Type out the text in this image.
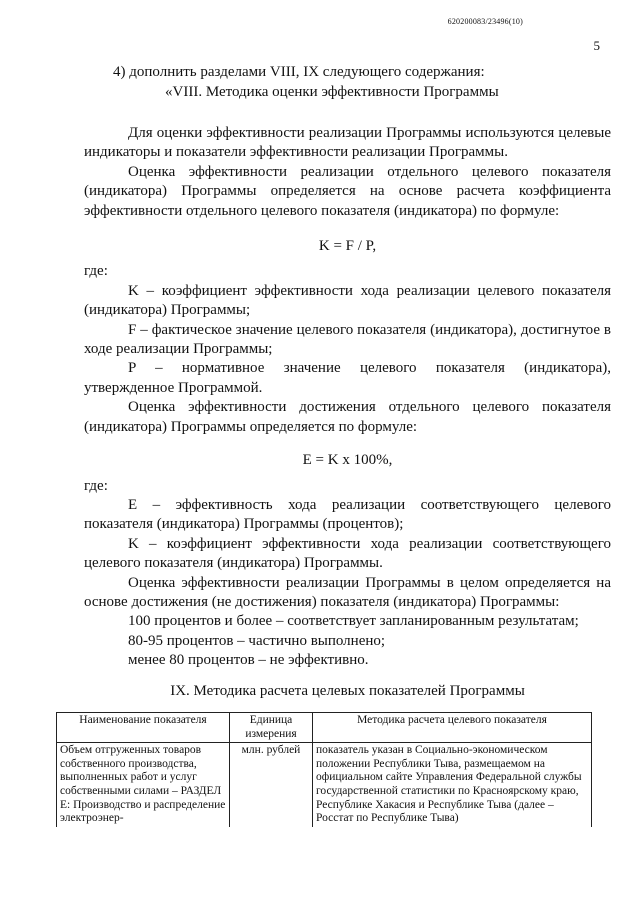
620200083/23496(10)
5
4) дополнить разделами VIII, IX следующего содержания:
«VIII. Методика оценки эффективности Программы

Для оценки эффективности реализации Программы используются целевые индикаторы и показатели эффективности реализации Программы.

Оценка эффективности реализации отдельного целевого показателя (индикатора) Программы определяется на основе расчета коэффициента эффективности отдельного целевого показателя (индикатора) по формуле:

K = F / P,

где:

K – коэффициент эффективности хода реализации целевого показателя (индикатора) Программы;

F – фактическое значение целевого показателя (индикатора), достигнутое в ходе реализации Программы;

P – нормативное значение целевого показателя (индикатора), утвержденное Программой.

Оценка эффективности достижения отдельного целевого показателя (индикатора) Программы определяется по формуле:

E = K x 100%,

где:

E – эффективность хода реализации соответствующего целевого показателя (индикатора) Программы (процентов);

K – коэффициент эффективности хода реализации соответствующего целевого показателя (индикатора) Программы.

Оценка эффективности реализации Программы в целом определяется на основе достижения (не достижения) показателя (индикатора) Программы:

100 процентов и более – соответствует запланированным результатам;

80-95 процентов – частично выполнено;

менее 80 процентов – не эффективно.

IX. Методика расчета целевых показателей Программы
Наименование показателя	Единица измерения	Методика расчета целевого показателя
Объем отгруженных товаров собственного производства, выполненных работ и услуг собственными силами – РАЗДЕЛ E: Производство и распределение электроэнер-	млн. рублей	показатель указан в Социально-экономическом положении Республики Тыва, размещаемом на официальном сайте Управления Федеральной службы государственной статистики по Красноярскому краю, Республике Хакасия и Республике Тыва (далее – Росстат по Республике Тыва)
